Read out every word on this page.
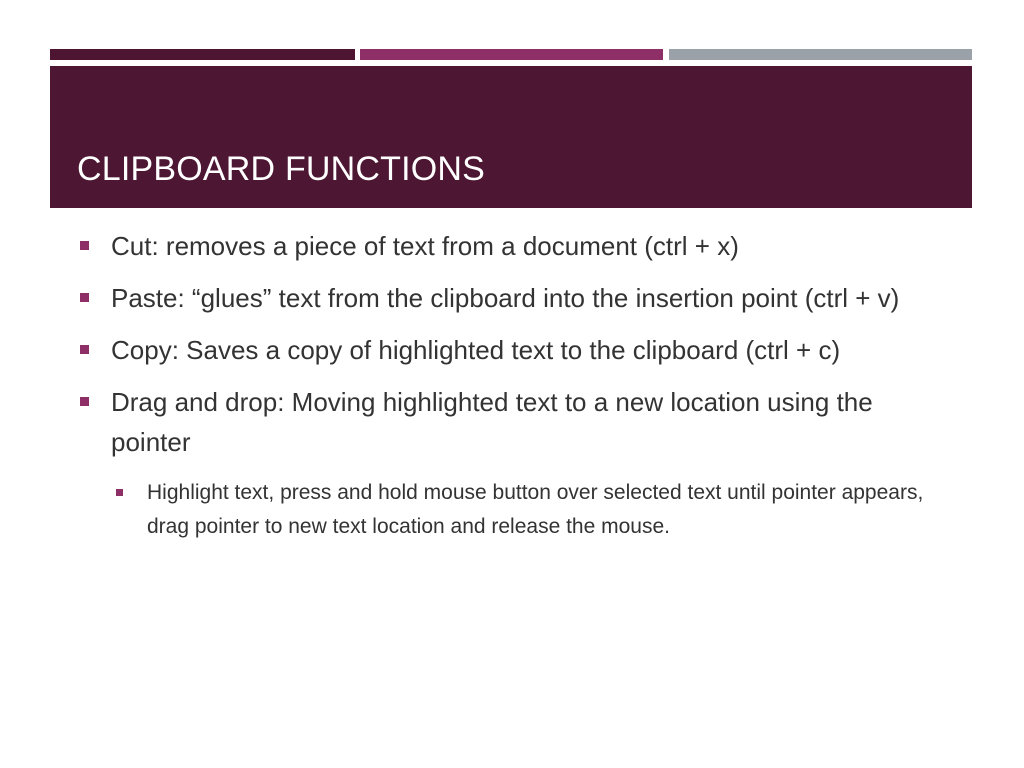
CLIPBOARD FUNCTIONS
Cut: removes a piece of text from a document (ctrl + x)
Paste: “glues” text from the clipboard into the insertion point (ctrl + v)
Copy: Saves a copy of highlighted text to the clipboard (ctrl + c)
Drag and drop: Moving highlighted text to a new location using the pointer
Highlight text, press and hold mouse button over selected text until pointer appears, drag pointer to new text location and release the mouse.
